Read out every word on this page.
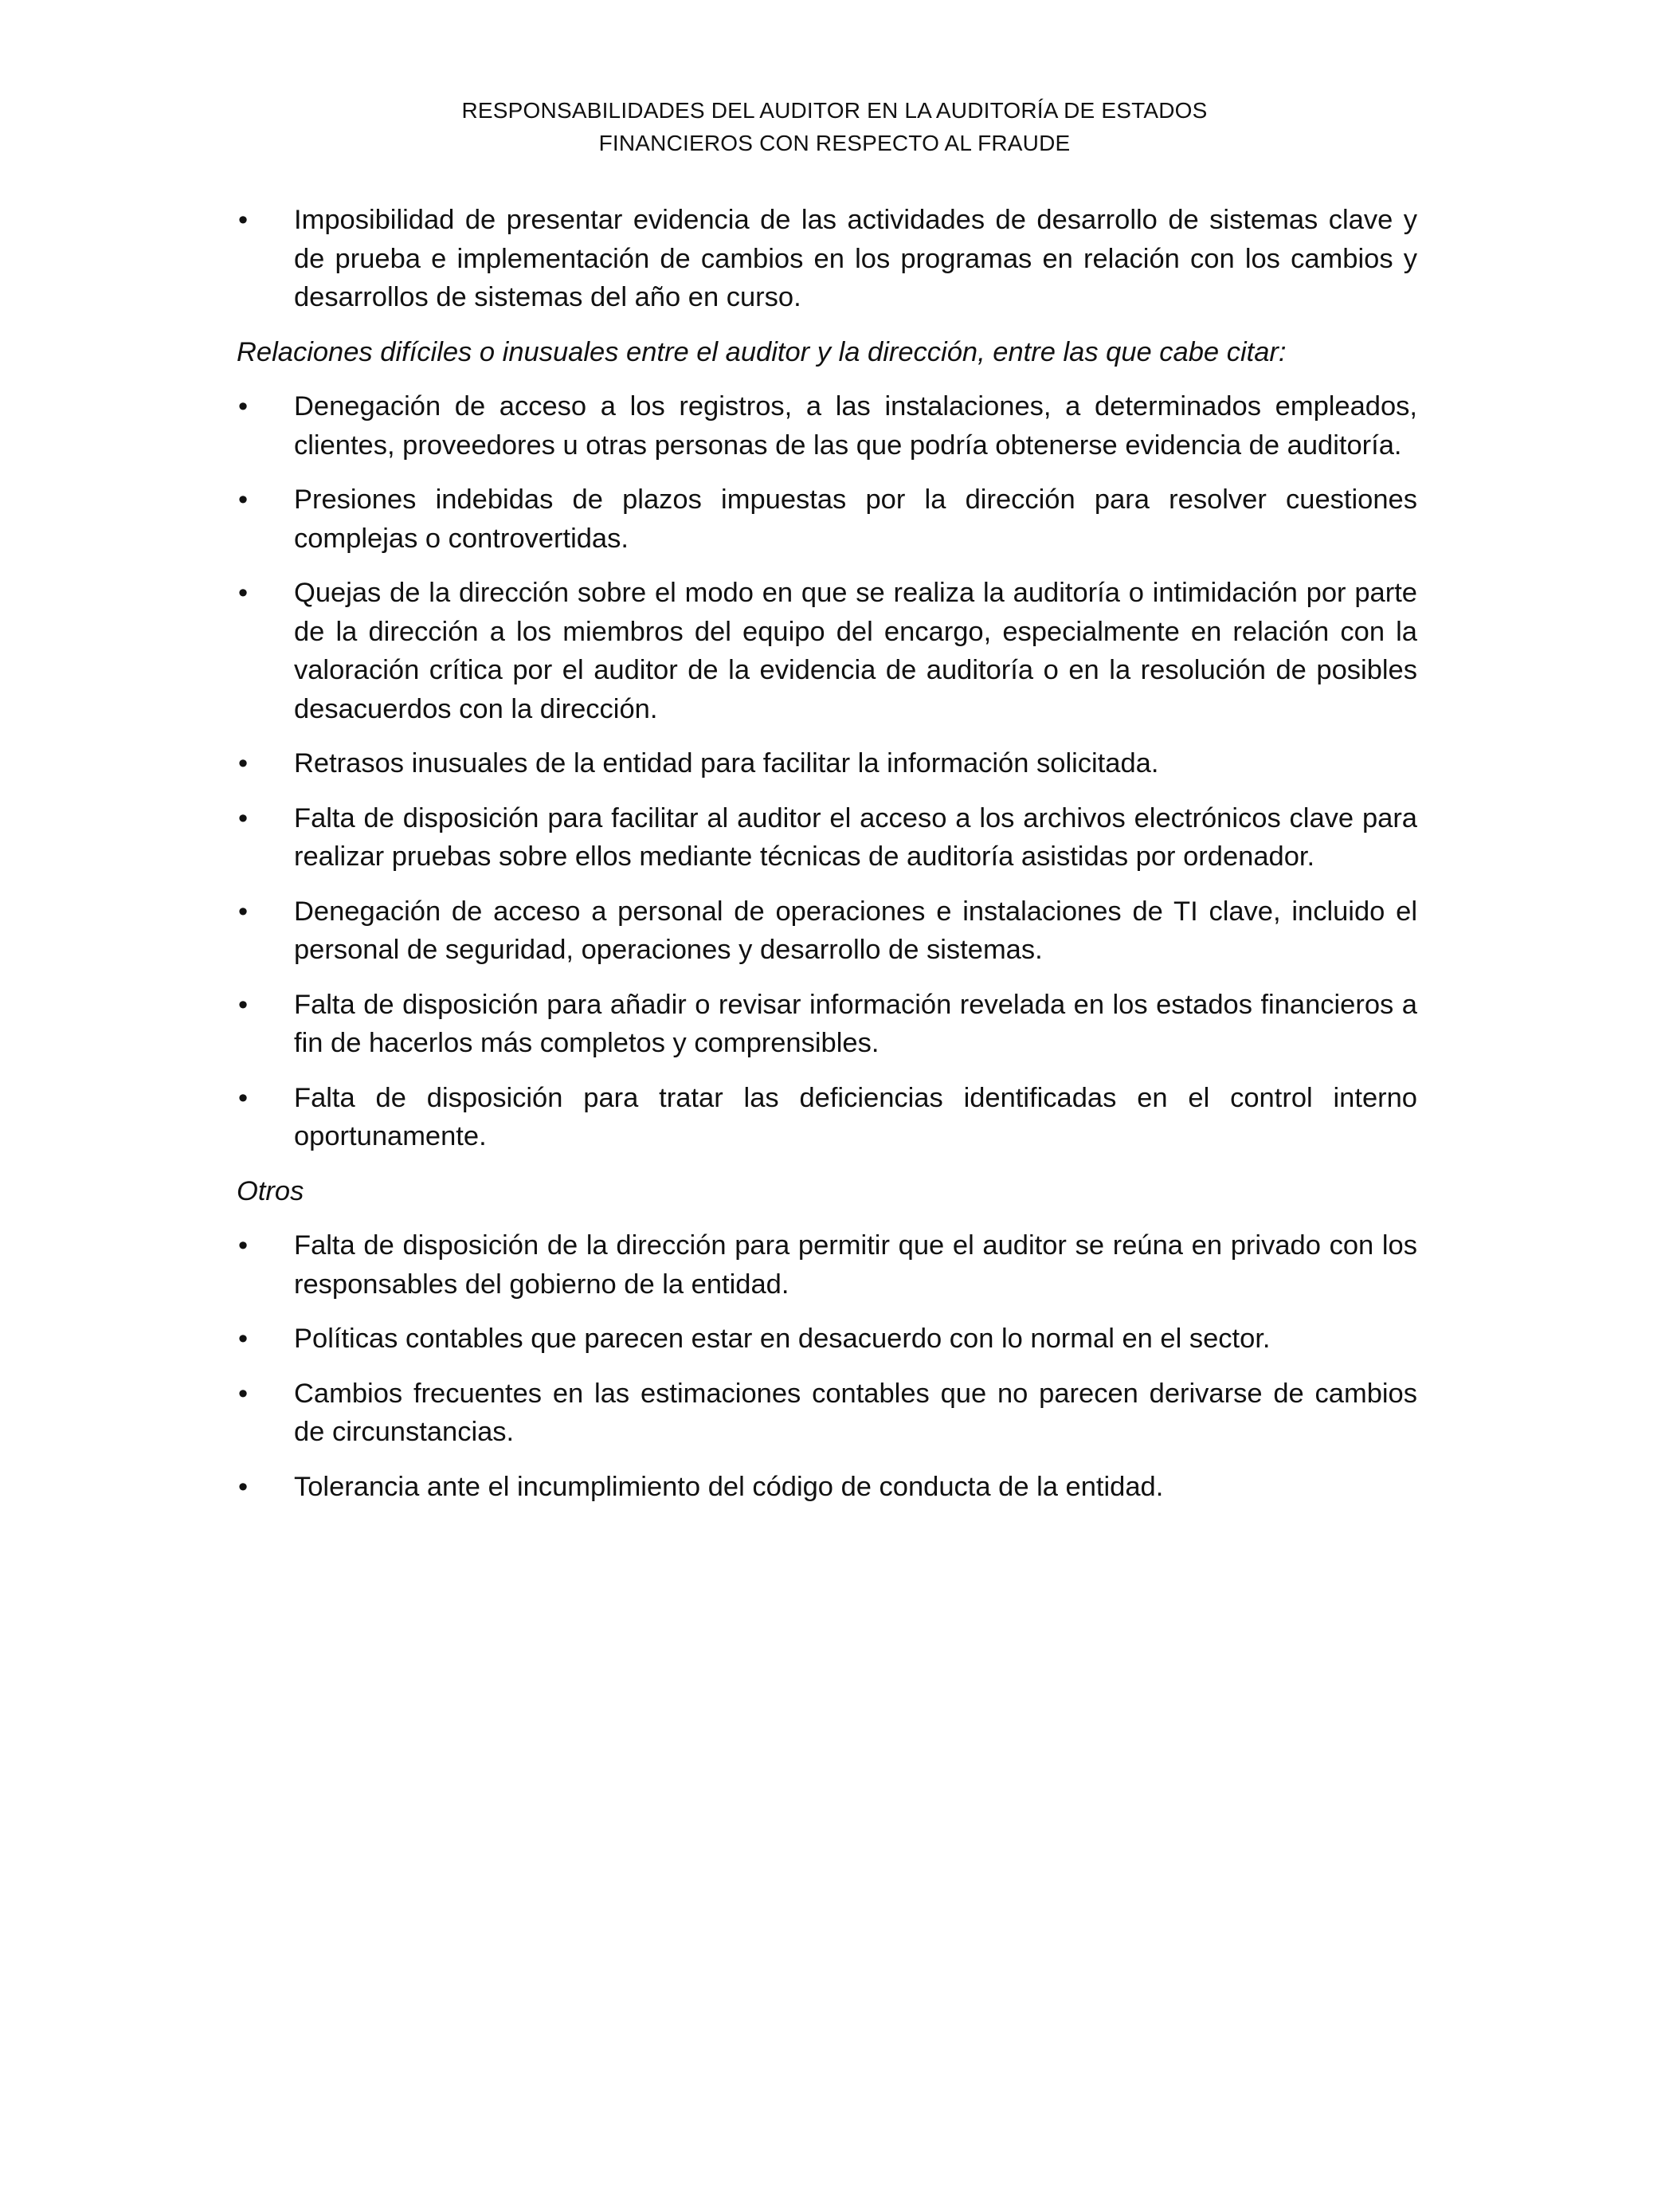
RESPONSABILIDADES DEL AUDITOR EN LA AUDITORÍA DE ESTADOS
FINANCIEROS CON RESPECTO AL FRAUDE
•	Imposibilidad de presentar evidencia de las actividades de desarrollo de sistemas clave y de prueba e implementación de cambios en los programas en relación con los cambios y desarrollos de sistemas del año en curso.
Relaciones difíciles o inusuales entre el auditor y la dirección, entre las que cabe citar:
•	Denegación de acceso a los registros, a las instalaciones, a determinados empleados, clientes, proveedores u otras personas de las que podría obtenerse evidencia de auditoría.
•	Presiones indebidas de plazos impuestas por la dirección para resolver cuestiones complejas o controvertidas.
•	Quejas de la dirección sobre el modo en que se realiza la auditoría o intimidación por parte de la dirección a los miembros del equipo del encargo, especialmente en relación con la valoración crítica por el auditor de la evidencia de auditoría o en la resolución de posibles desacuerdos con la dirección.
•	Retrasos inusuales de la entidad para facilitar la información solicitada.
•	Falta de disposición para facilitar al auditor el acceso a los archivos electrónicos clave para realizar pruebas sobre ellos mediante técnicas de auditoría asistidas por ordenador.
•	Denegación de acceso a personal de operaciones e instalaciones de TI clave, incluido el personal de seguridad, operaciones y desarrollo de sistemas.
•	Falta de disposición para añadir o revisar información revelada en los estados financieros a fin de hacerlos más completos y comprensibles.
•	Falta de disposición para tratar las deficiencias identificadas en el control interno oportunamente.
Otros
•	Falta de disposición de la dirección para permitir que el auditor se reúna en privado con los responsables del gobierno de la entidad.
•	Políticas contables que parecen estar en desacuerdo con lo normal en el sector.
•	Cambios frecuentes en las estimaciones contables que no parecen derivarse de cambios de circunstancias.
•	Tolerancia ante el incumplimiento del código de conducta de la entidad.
